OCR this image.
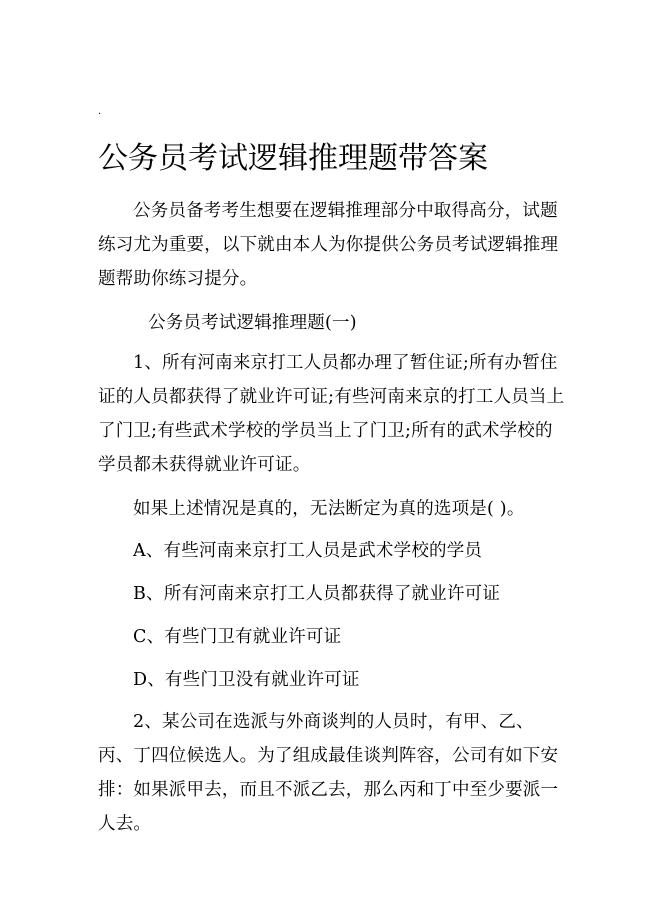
.
公务员考试逻辑推理题带答案

公务员备考考生想要在逻辑推理部分中取得高分，试题练习尤为重要，以下就由本人为你提供公务员考试逻辑推理题帮助你练习提分。

公务员考试逻辑推理题(一)

1、所有河南来京打工人员都办理了暂住证;所有办暂住证的人员都获得了就业许可证;有些河南来京的打工人员当上了门卫;有些武术学校的学员当上了门卫;所有的武术学校的学员都未获得就业许可证。

如果上述情况是真的，无法断定为真的选项是( )。

A、有些河南来京打工人员是武术学校的学员

B、所有河南来京打工人员都获得了就业许可证

C、有些门卫有就业许可证

D、有些门卫没有就业许可证

2、某公司在选派与外商谈判的人员时，有甲、乙、丙、丁四位候选人。为了组成最佳谈判阵容，公司有如下安排：如果派甲去，而且不派乙去，那么丙和丁中至少要派一人去。
